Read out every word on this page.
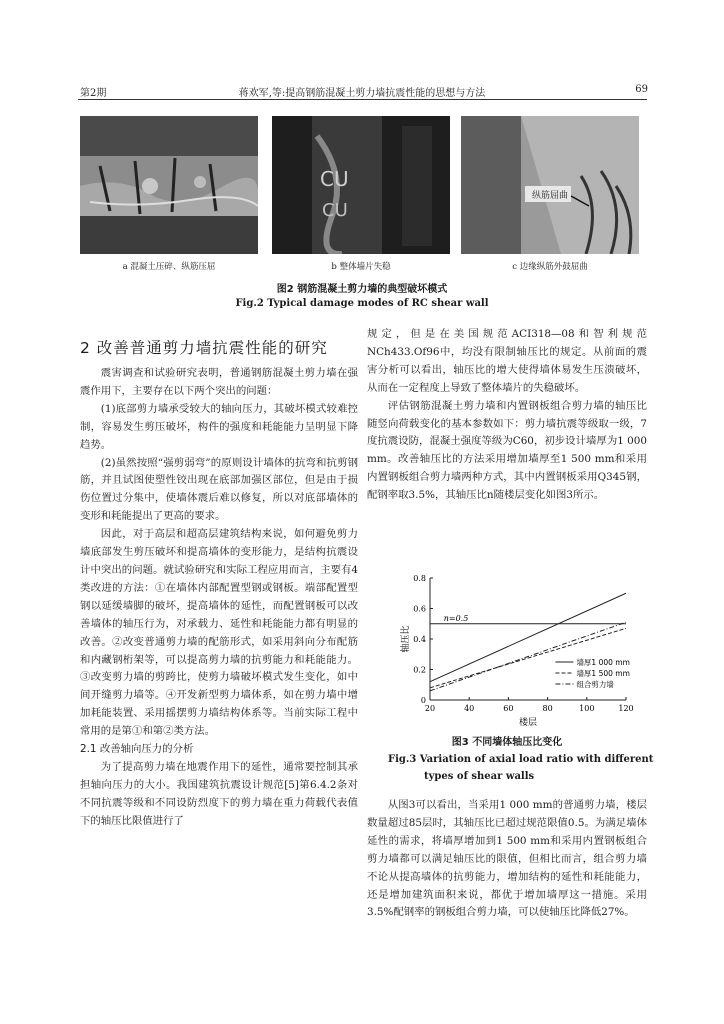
第2期	蒋欢军,等:提高钢筋混凝土剪力墙抗震性能的思想与方法	69
CU
CU
纵筋屈曲
a 混凝土压碎、纵筋压屈	b 整体墙片失稳	c 边缘纵筋外鼓屈曲
图2 钢筋混凝土剪力墙的典型破坏模式
Fig.2 Typical damage modes of RC shear wall
2 改善普通剪力墙抗震性能的研究

震害调查和试验研究表明，普通钢筋混凝土剪力墙在强震作用下，主要存在以下两个突出的问题：

(1)底部剪力墙承受较大的轴向压力，其破坏模式较难控制，容易发生剪压破坏，构件的强度和耗能能力呈明显下降趋势。

(2)虽然按照“强剪弱弯”的原则设计墙体的抗弯和抗剪钢筋，并且试图使塑性铰出现在底部加强区部位，但是由于损伤位置过分集中，使墙体震后难以修复，所以对底部墙体的变形和耗能提出了更高的要求。

因此，对于高层和超高层建筑结构来说，如何避免剪力墙底部发生剪压破坏和提高墙体的变形能力，是结构抗震设计中突出的问题。就试验研究和实际工程应用而言，主要有4类改进的方法：①在墙体内部配置型钢或钢板。端部配置型钢以延缓墙脚的破坏，提高墙体的延性，而配置钢板可以改善墙体的轴压行为，对承载力、延性和耗能能力都有明显的改善。②改变普通剪力墙的配筋形式，如采用斜向分布配筋和内藏钢桁架等，可以提高剪力墙的抗剪能力和耗能能力。③改变剪力墙的剪跨比，使剪力墙破坏模式发生变化，如中间开缝剪力墙等。④开发新型剪力墙体系，如在剪力墙中增加耗能装置、采用摇摆剪力墙结构体系等。当前实际工程中常用的是第①和第②类方法。

2.1 改善轴向压力的分析

为了提高剪力墙在地震作用下的延性，通常要控制其承担轴向压力的大小。我国建筑抗震设计规范[5]第6.4.2条对不同抗震等级和不同设防烈度下的剪力墙在重力荷载代表值下的轴压比限值进行了

规定，但是在美国规范ACI318—08和智利规范NCh433.Of96中，均没有限制轴压比的规定。从前面的震害分析可以看出，轴压比的增大使得墙体易发生压溃破坏，从而在一定程度上导致了整体墙片的失稳破坏。

评估钢筋混凝土剪力墙和内置钢板组合剪力墙的轴压比随竖向荷载变化的基本参数如下：剪力墙抗震等级取一级，7度抗震设防，混凝土强度等级为C60，初步设计墙厚为1 000 mm。改善轴压比的方法采用增加墙厚至1 500 mm和采用内置钢板组合剪力墙两种方式，其中内置钢板采用Q345钢，配钢率取3.5%，其轴压比n随楼层变化如图3所示。

20	40	60	80	100	120
0
0.2
0.4
0.6
0.8
楼层
轴压比
n=0.5
墙厚1 000 mm
墙厚1 500 mm
组合剪力墙
图3 不同墙体轴压比变化
Fig.3 Variation of axial load ratio with different
types of shear walls

从图3可以看出，当采用1 000 mm的普通剪力墙，楼层数量超过85层时，其轴压比已超过规范限值0.5。为满足墙体延性的需求，将墙厚增加到1 500 mm和采用内置钢板组合剪力墙都可以满足轴压比的限值，但相比而言，组合剪力墙不论从提高墙体的抗剪能力，增加结构的延性和耗能能力，还是增加建筑面积来说，都优于增加墙厚这一措施。采用3.5%配钢率的钢板组合剪力墙，可以使轴压比降低27%。
